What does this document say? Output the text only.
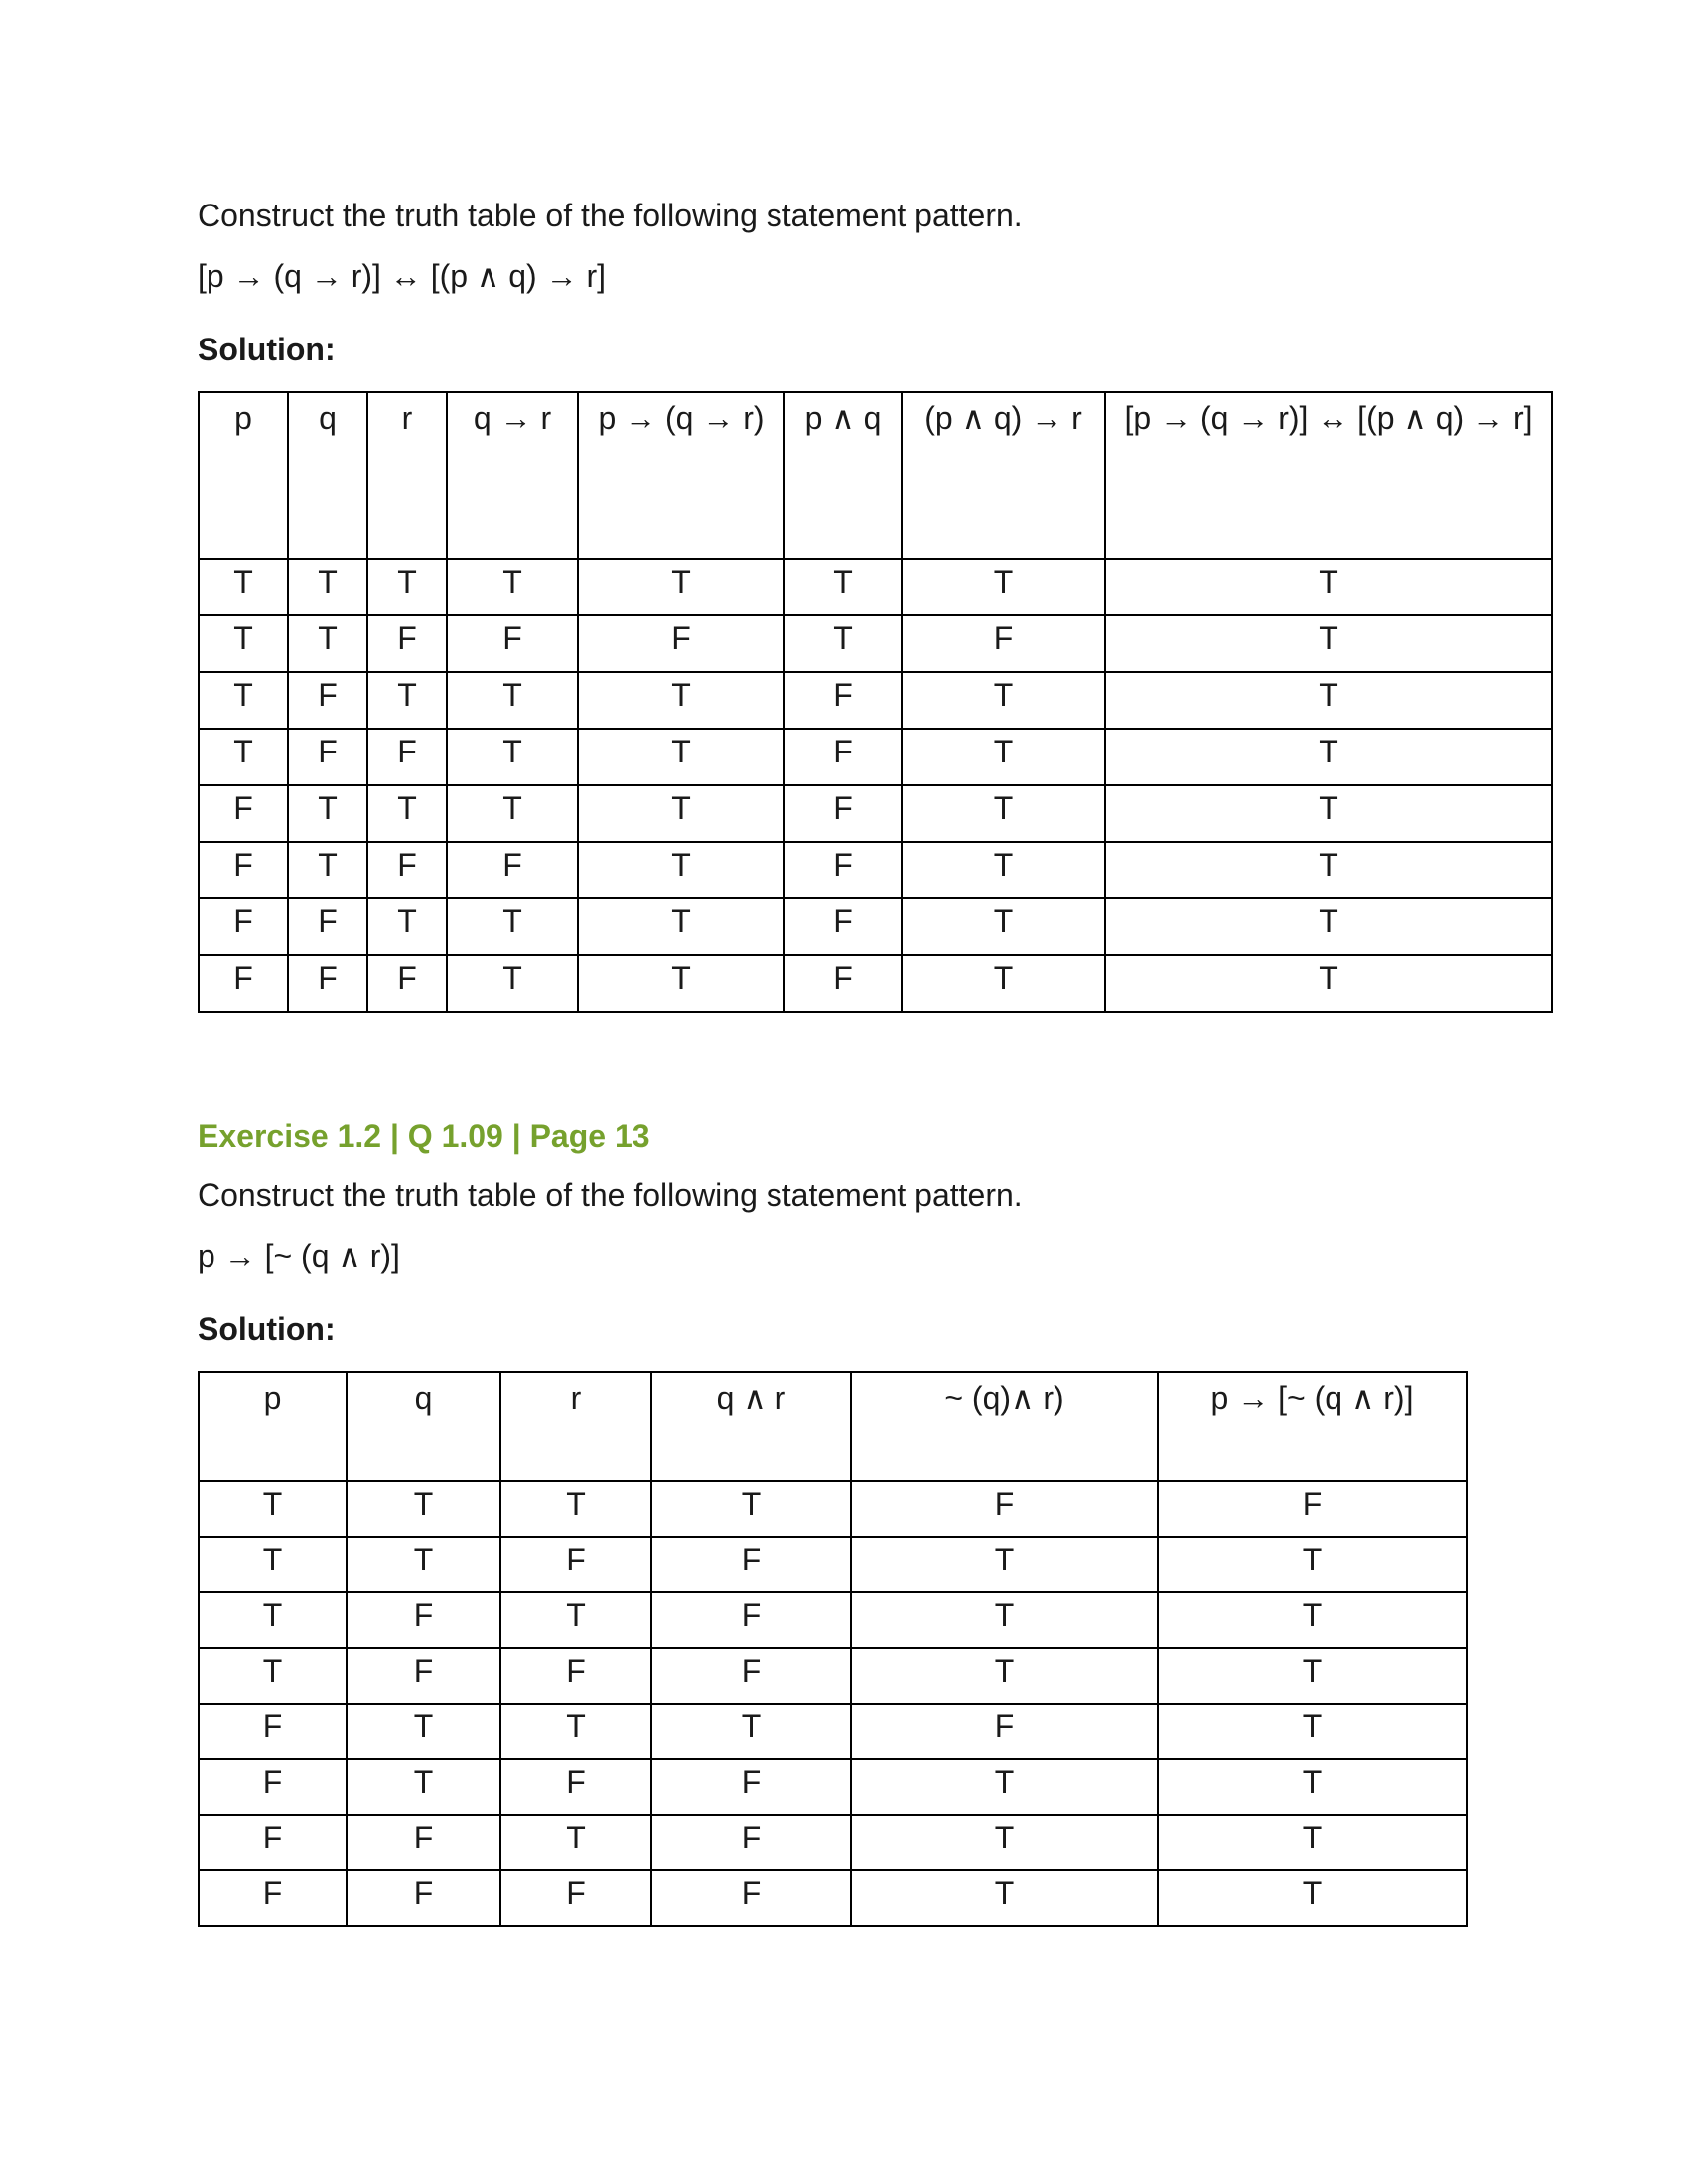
Construct the truth table of the following statement pattern.
[p → (q → r)] ↔ [(p ∧ q) → r]
Solution:
p	q	r	q → r	p → (q → r)	p ∧ q	(p ∧ q) → r	[p → (q → r)] ↔ [(p ∧ q) → r]
T	T	T	T	T	T	T	T
T	T	F	F	F	T	F	T
T	F	T	T	T	F	T	T
T	F	F	T	T	F	T	T
F	T	T	T	T	F	T	T
F	T	F	F	T	F	T	T
F	F	T	T	T	F	T	T
F	F	F	T	T	F	T	T
Exercise 1.2 | Q 1.09 | Page 13
Construct the truth table of the following statement pattern.
p → [~ (q ∧ r)]
Solution:
p	q	r	q ∧ r	~ (q)∧ r)	p → [~ (q ∧ r)]
T	T	T	T	F	F
T	T	F	F	T	T
T	F	T	F	T	T
T	F	F	F	T	T
F	T	T	T	F	T
F	T	F	F	T	T
F	F	T	F	T	T
F	F	F	F	T	T
